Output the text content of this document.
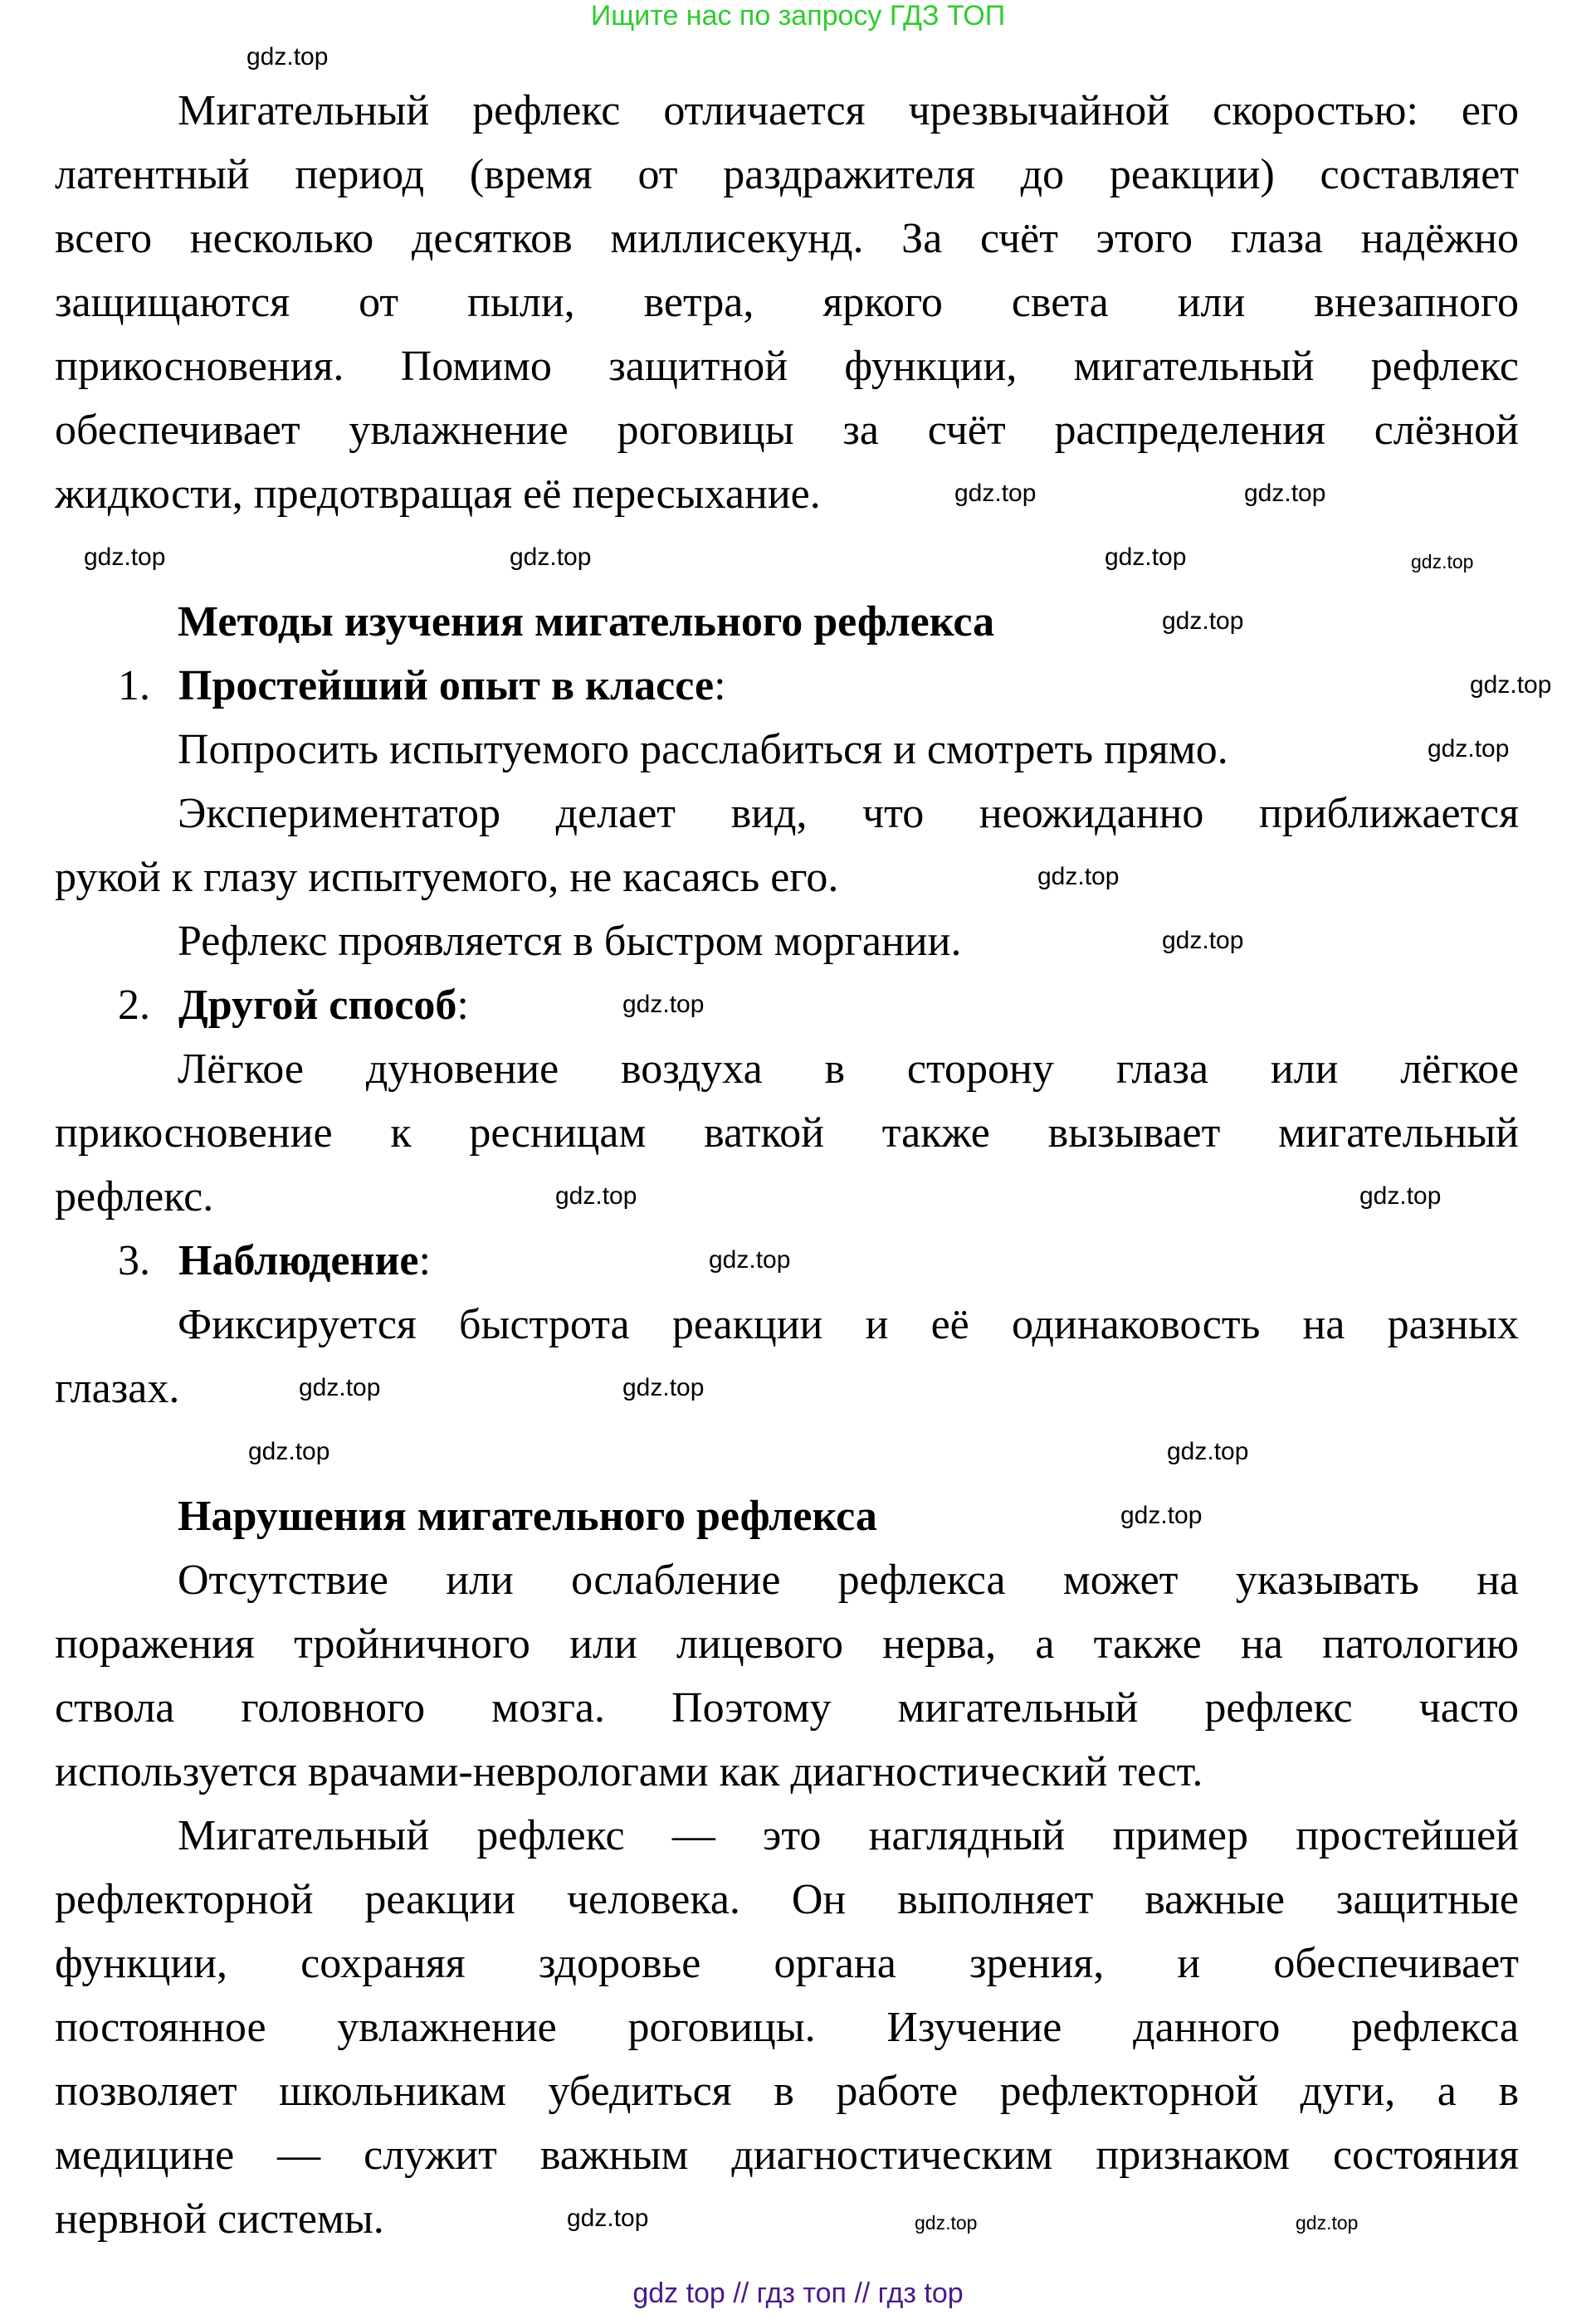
Ищите нас по запросу ГДЗ ТОП
Мигательный рефлекс отличается чрезвычайной скоростью: его
латентный период (время от раздражителя до реакции) составляет
всего несколько десятков миллисекунд. За счёт этого глаза надёжно
защищаются от пыли, ветра, яркого света или внезапного
прикосновения. Помимо защитной функции, мигательный рефлекс
обеспечивает увлажнение роговицы за счёт распределения слёзной
жидкости, предотвращая её пересыхание.
Методы изучения мигательного рефлекса
1. Простейший опыт в классе:
Попросить испытуемого расслабиться и смотреть прямо.
Экспериментатор делает вид, что неожиданно приближается
рукой к глазу испытуемого, не касаясь его.
Рефлекс проявляется в быстром моргании.
2. Другой способ:
Лёгкое дуновение воздуха в сторону глаза или лёгкое
прикосновение к ресницам ваткой также вызывает мигательный
рефлекс.
3. Наблюдение:
Фиксируется быстрота реакции и её одинаковость на разных
глазах.
Нарушения мигательного рефлекса
Отсутствие или ослабление рефлекса может указывать на
поражения тройничного или лицевого нерва, а также на патологию
ствола головного мозга. Поэтому мигательный рефлекс часто
используется врачами-неврологами как диагностический тест.
Мигательный рефлекс — это наглядный пример простейшей
рефлекторной реакции человека. Он выполняет важные защитные
функции, сохраняя здоровье органа зрения, и обеспечивает
постоянное увлажнение роговицы. Изучение данного рефлекса
позволяет школьникам убедиться в работе рефлекторной дуги, а в
медицине — служит важным диагностическим признаком состояния
нервной системы.
gdz.top
gdz.top
gdz.top	gdz.top
gdz.top
gdz.top
gdz.top
gdz.top
gdz.top
gdz.top
gdz.top
gdz.top
gdz.top
gdz.top
gdz.top
gdz.top
gdz.top
gdz.top
gdz.top
gdz.top
gdz.top
gdz.top
gdz.top
gdz.top
gdz top // гдз топ // гдз top
